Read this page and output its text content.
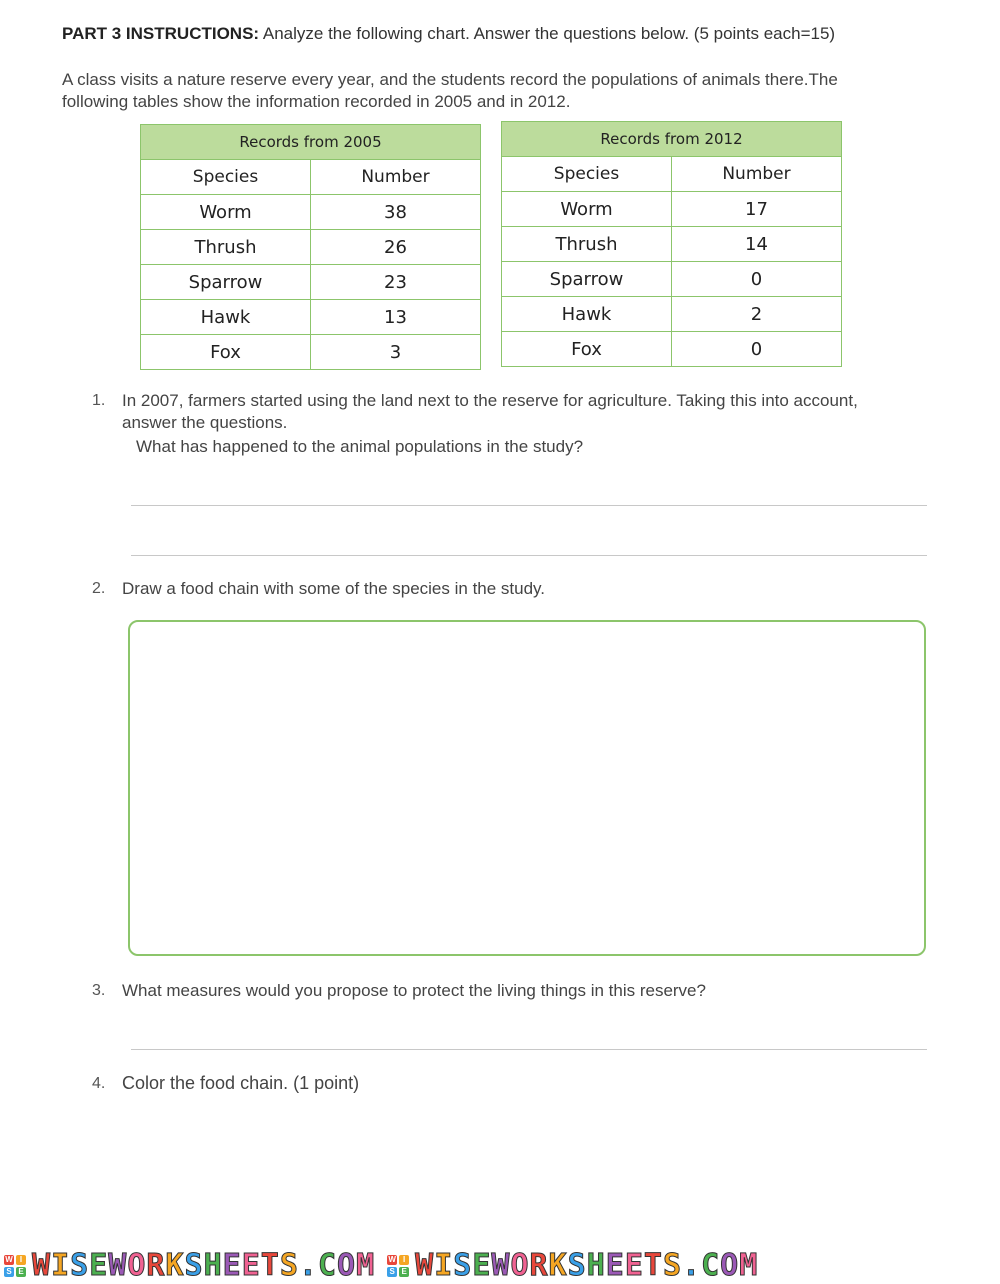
PART 3 INSTRUCTIONS: Analyze the following chart. Answer the questions below. (5 points each=15)
A class visits a nature reserve every year, and the students record the populations of animals there.The
following tables show the information recorded in 2005 and in 2012.
Records from 2005	
Species	Number
Worm	38
Thrush	26
Sparrow	23
Hawk	13
Fox	3
Records from 2012	
Species	Number
Worm	17
Thrush	14
Sparrow	0
Hawk	2
Fox	0
1. In 2007, farmers started using the land next to the reserve for agriculture. Taking this into account,
answer the questions.
What has happened to the animal populations in the study?
2. Draw a food chain with some of the species in the study.
3. What measures would you propose to protect the living things in this reserve?
4. Color the food chain. (1 point)
W I
S E WISEWORKSHEETS.COM W I
S E WISEWORKSHEETS.COM
